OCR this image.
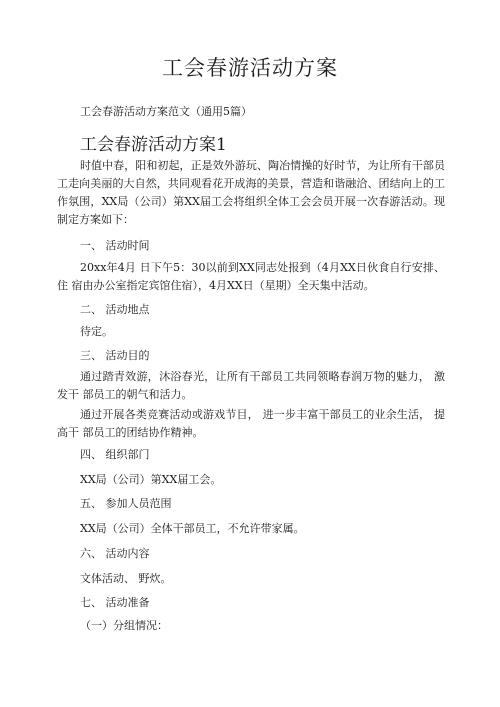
工会春游活动方案
工会春游活动方案范文（通用5篇）
工会春游活动方案1
时值中春，阳和初起，正是效外游玩、陶冶情操的好时节，为让所有干部员工走向美丽的大自然，共同观看花开成海的美景，营造和谐融洽、团结向上的工作氛围，XX局（公司）第XX届工会将组织全体工会会员开展一次春游活动。现制定方案如下：
一、 活动时间
20xx年4月 日下午5：30以前到XX同志处报到（4月XX日伙食自行安排、住 宿由办公室指定宾馆住宿），4月XX日（星期）全天集中活动。
二、 活动地点
待定。
三、 活动目的
通过踏青效游，沐浴春光，让所有干部员工共同领略春润万物的魅力， 激发干 部员工的朝气和活力。
通过开展各类竞赛活动或游戏节目， 进一步丰富干部员工的业余生活， 提高干 部员工的团结协作精神。
四、 组织部门
XX局（公司）第XX届工会。
五、 参加人员范围
XX局（公司）全体干部员工，不允许带家属。
六、 活动内容
文体活动、 野炊。
七、 活动准备
（一）分组情况：
